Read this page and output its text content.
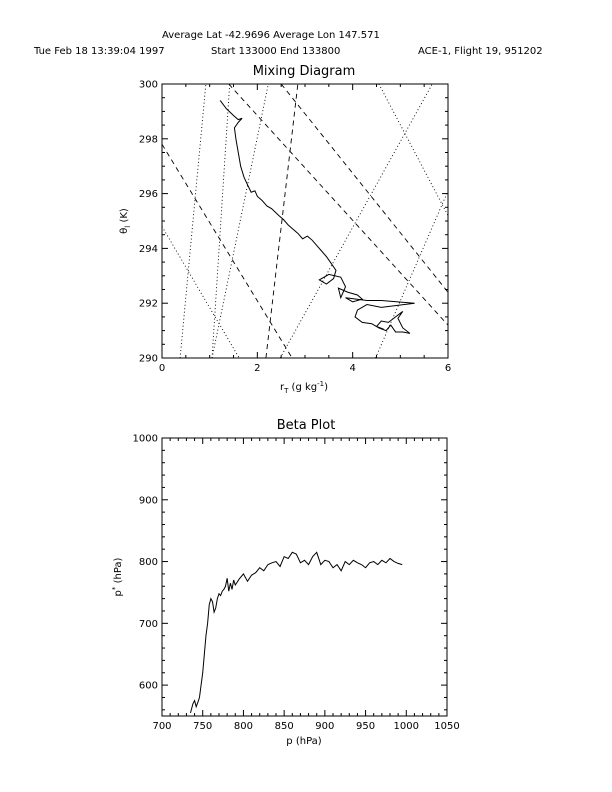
Average Lat -42.9696 Average Lon 147.571
Tue Feb 18 13:39:04 1997	Start 133000 End 133800	ACE-1, Flight 19, 951202
Mixing Diagram
0	2	4	6
290
292
294
296
298
300
$r_T$ (g $kg^{-1}$)
$\theta_l$ (K)
Beta Plot
700 750 800 850 900 950 1000 1050
600
700
800
900
1000
p (hPa)
p* (hPa)
